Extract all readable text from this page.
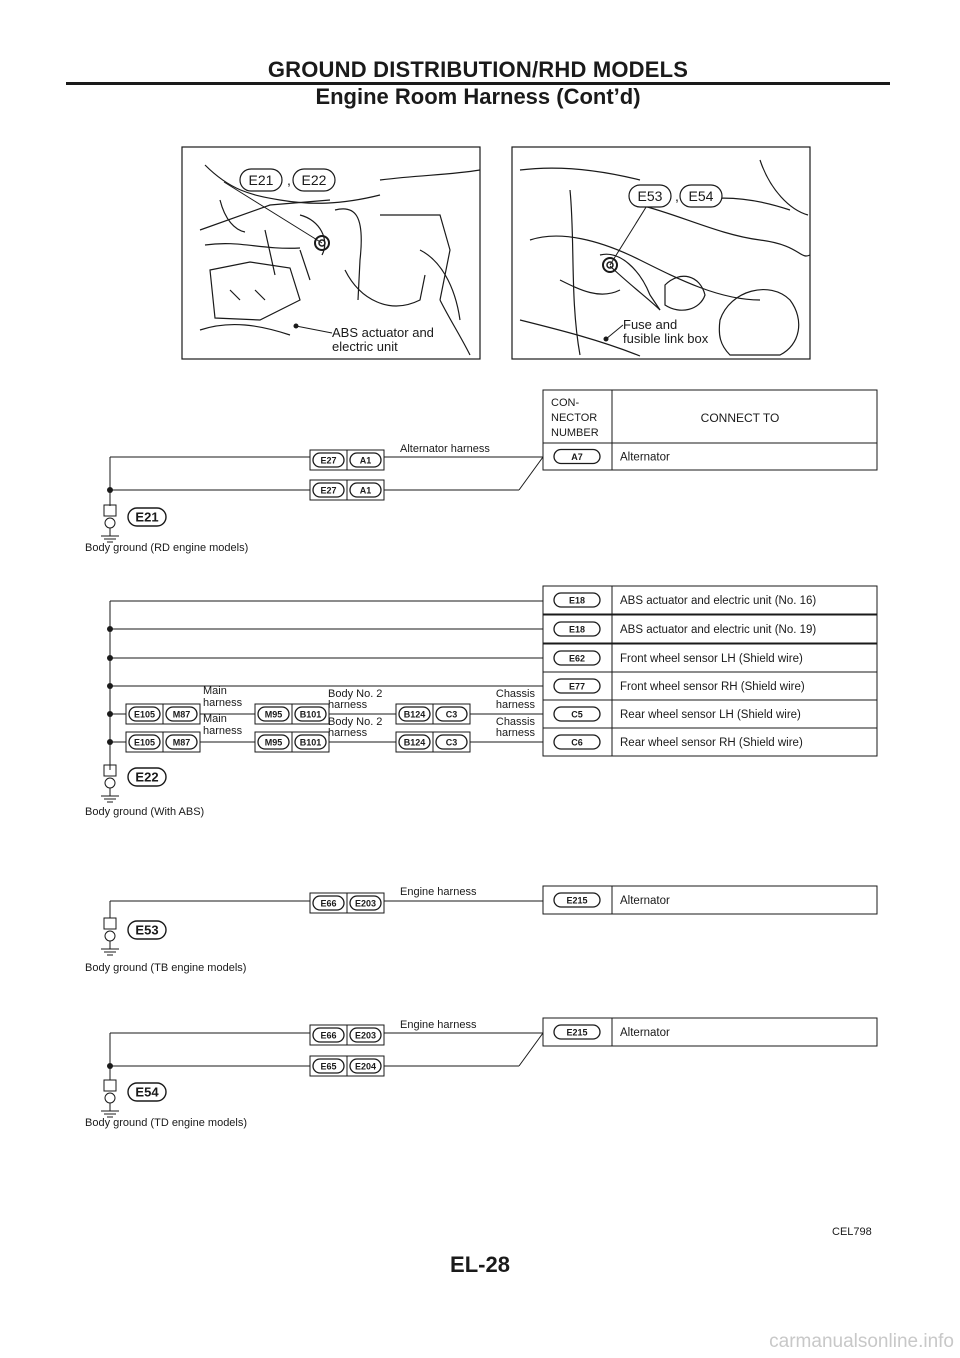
GROUND DISTRIBUTION/RHD MODELS
Engine Room Harness (Cont’d)
ABS actuator and
electric unit
Fuse and
fusible link box
E21 , E22
E53 , E54
CON-
NECTOR
NUMBER
CONNECT TO
A7	Alternator
E27	A1
Alternator harness
E27	A1
E21
Body ground (RD engine models)
E18	ABS actuator and electric unit (No. 16)
E18	ABS actuator and electric unit (No. 19)
E62	Front wheel sensor LH (Shield wire)
E77	Front wheel sensor RH (Shield wire)
C5	Rear wheel sensor LH (Shield wire)
C6	Rear wheel sensor RH (Shield wire)
E105 M87	M95 B101	B124 C3
E105 M87	M95 B101	B124 C3
Main
harness
Main
harness
Body No. 2
harness
Body No. 2
harness
Chassis
harness
Chassis
harness
E22
Body ground (With ABS)
E215	Alternator
E66 E203
Engine harness
E53
Body ground (TB engine models)
E215	Alternator
E66 E203
Engine harness
E65 E204
E54
Body ground (TD engine models)
CEL798
EL-28
carmanualsonline.info
